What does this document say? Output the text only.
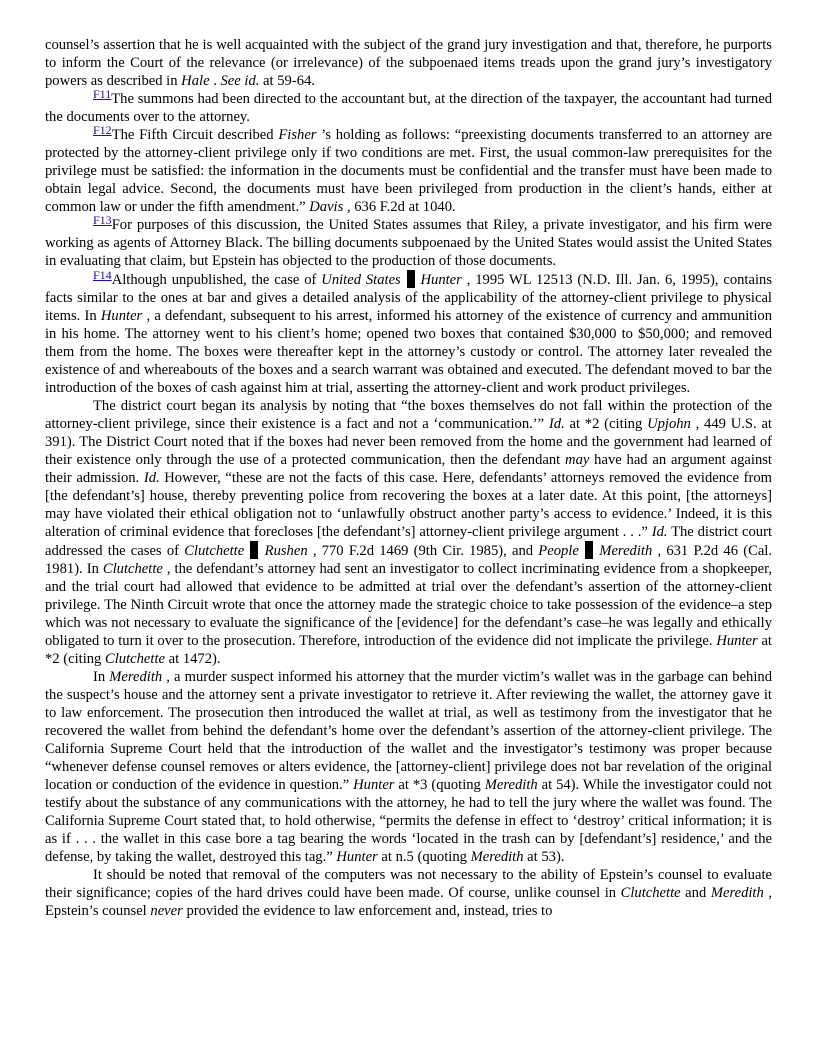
counsel’s assertion that he is well acquainted with the subject of the grand jury investigation and that, therefore, he purports to inform the Court of the relevance (or irrelevance) of the subpoenaed items treads upon the grand jury’s investigatory powers as described in Hale . See id. at 59-64.

$^{F11}$The summons had been directed to the accountant but, at the direction of the taxpayer, the accountant had turned the documents over to the attorney.

$^{F12}$The Fifth Circuit described Fisher ’s holding as follows: “preexisting documents transferred to an attorney are protected by the attorney-client privilege only if two conditions are met. First, the usual common-law prerequisites for the privilege must be satisfied: the information in the documents must be confidential and the transfer must have been made to obtain legal advice. Second, the documents must have been privileged from production in the client’s hands, either at common law or under the fifth amendment.” Davis , 636 F.2d at 1040.

$^{F13}$For purposes of this discussion, the United States assumes that Riley, a private investigator, and his firm were working as agents of Attorney Black. The billing documents subpoenaed by the United States would assist the United States in evaluating that claim, but Epstein has objected to the production of those documents.

$^{F14}$Although unpublished, the case of United States Hunter , 1995 WL 12513 (N.D. Ill. Jan. 6, 1995), contains facts similar to the ones at bar and gives a detailed analysis of the applicability of the attorney-client privilege to physical items. In Hunter , a defendant, subsequent to his arrest, informed his attorney of the existence of currency and ammunition in his home. The attorney went to his client’s home; opened two boxes that contained $30,000 to $50,000; and removed them from the home. The boxes were thereafter kept in the attorney’s custody or control. The attorney later revealed the existence of and whereabouts of the boxes and a search warrant was obtained and executed. The defendant moved to bar the introduction of the boxes of cash against him at trial, asserting the attorney-client and work product privileges.

The district court began its analysis by noting that “the boxes themselves do not fall within the protection of the attorney-client privilege, since their existence is a fact and not a ‘communication.’” Id. at *2 (citing Upjohn , 449 U.S. at 391). The District Court noted that if the boxes had never been removed from the home and the government had learned of their existence only through the use of a protected communication, then the defendant may have had an argument against their admission. Id. However, “these are not the facts of this case. Here, defendants’ attorneys removed the evidence from [the defendant’s] house, thereby preventing police from recovering the boxes at a later date. At this point, [the attorneys] may have violated their ethical obligation not to ‘unlawfully obstruct another party’s access to evidence.’ Indeed, it is this alteration of criminal evidence that forecloses [the defendant’s] attorney-client privilege argument . . .” Id. The district court addressed the cases of Clutchette Rushen , 770 F.2d 1469 (9th Cir. 1985), and People Meredith , 631 P.2d 46 (Cal. 1981). In Clutchette , the defendant’s attorney had sent an investigator to collect incriminating evidence from a shopkeeper, and the trial court had allowed that evidence to be admitted at trial over the defendant’s assertion of the attorney-client privilege. The Ninth Circuit wrote that once the attorney made the strategic choice to take possession of the evidence–a step which was not necessary to evaluate the significance of the [evidence] for the defendant’s case–he was legally and ethically obligated to turn it over to the prosecution. Therefore, introduction of the evidence did not implicate the privilege. Hunter at *2 (citing Clutchette at 1472).

In Meredith , a murder suspect informed his attorney that the murder victim’s wallet was in the garbage can behind the suspect’s house and the attorney sent a private investigator to retrieve it. After reviewing the wallet, the attorney gave it to law enforcement. The prosecution then introduced the wallet at trial, as well as testimony from the investigator that he recovered the wallet from behind the defendant’s home over the defendant’s assertion of the attorney-client privilege. The California Supreme Court held that the introduction of the wallet and the investigator’s testimony was proper because “whenever defense counsel removes or alters evidence, the [attorney-client] privilege does not bar revelation of the original location or conduction of the evidence in question.” Hunter at *3 (quoting Meredith at 54). While the investigator could not testify about the substance of any communications with the attorney, he had to tell the jury where the wallet was found. The California Supreme Court stated that, to hold otherwise, “permits the defense in effect to ‘destroy’ critical information; it is as if . . . the wallet in this case bore a tag bearing the words ‘located in the trash can by [defendant’s] residence,’ and the defense, by taking the wallet, destroyed this tag.” Hunter at n.5 (quoting Meredith at 53).

It should be noted that removal of the computers was not necessary to the ability of Epstein’s counsel to evaluate their significance; copies of the hard drives could have been made. Of course, unlike counsel in Clutchette and Meredith , Epstein’s counsel never provided the evidence to law enforcement and, instead, tries to
